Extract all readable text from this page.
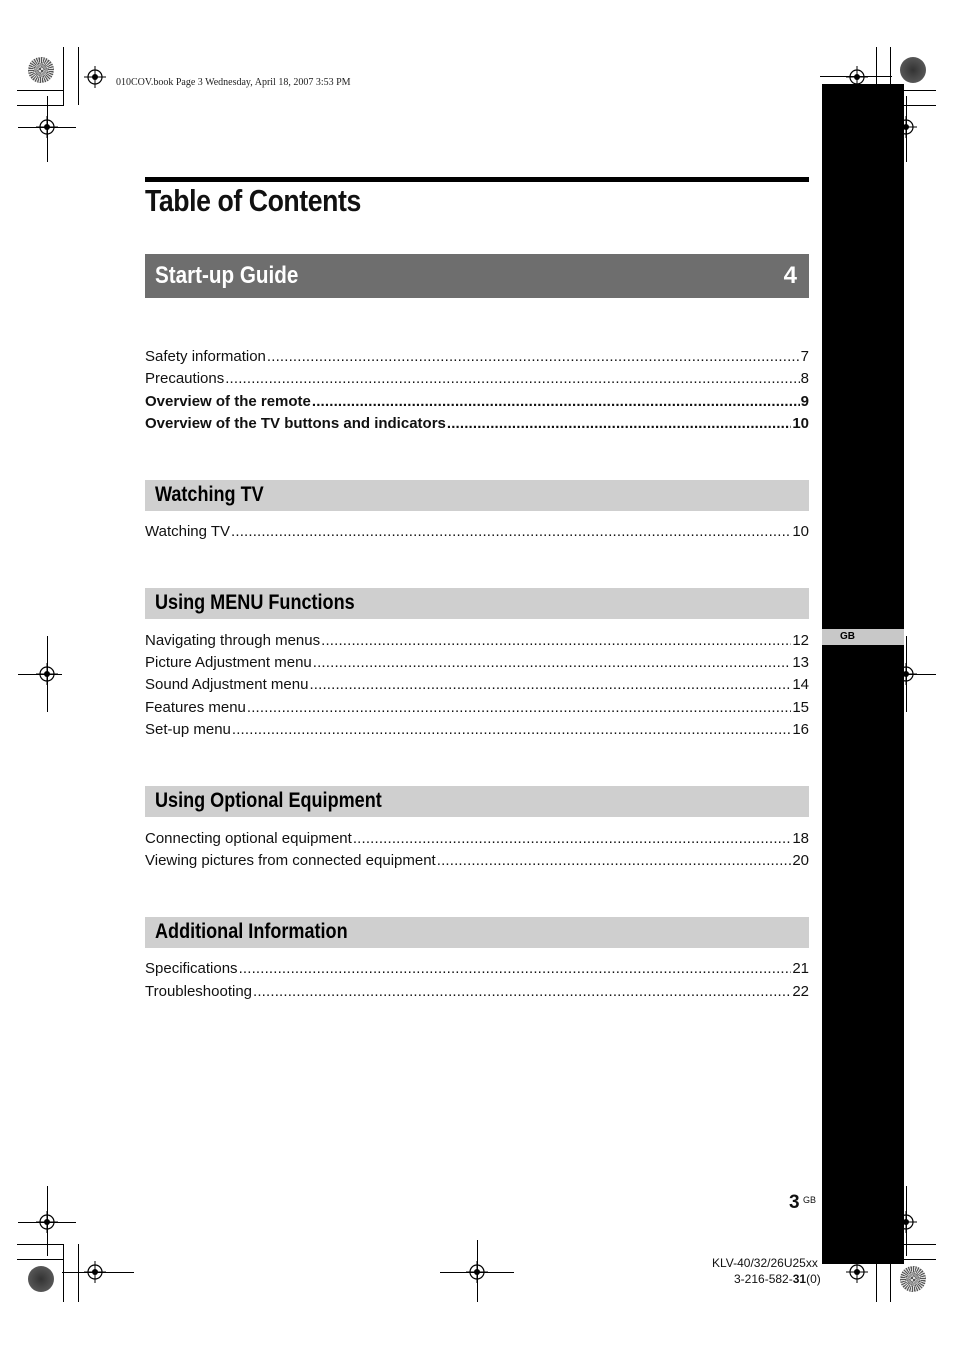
010COV.book Page 3 Wednesday, April 18, 2007 3:53 PM
GB
Table of Contents
Start-up Guide	4
Safety information . . .	7
Precautions . . .	8
Overview of the remote . . .	9
Overview of the TV buttons and indicators . . .	10
Watching TV
Watching TV . . .	10
Using MENU Functions
Navigating through menus . . .	12
Picture Adjustment menu . . .	13
Sound Adjustment menu . . .	14
Features menu . . .	15
Set-up menu . . .	16
Using Optional Equipment
Connecting optional equipment . . .	18
Viewing pictures from connected equipment . . .	20
Additional Information
Specifications . . .	21
Troubleshooting . . .	22
3 GB
KLV-40/32/26U25xx
3-216-582-31(0)
